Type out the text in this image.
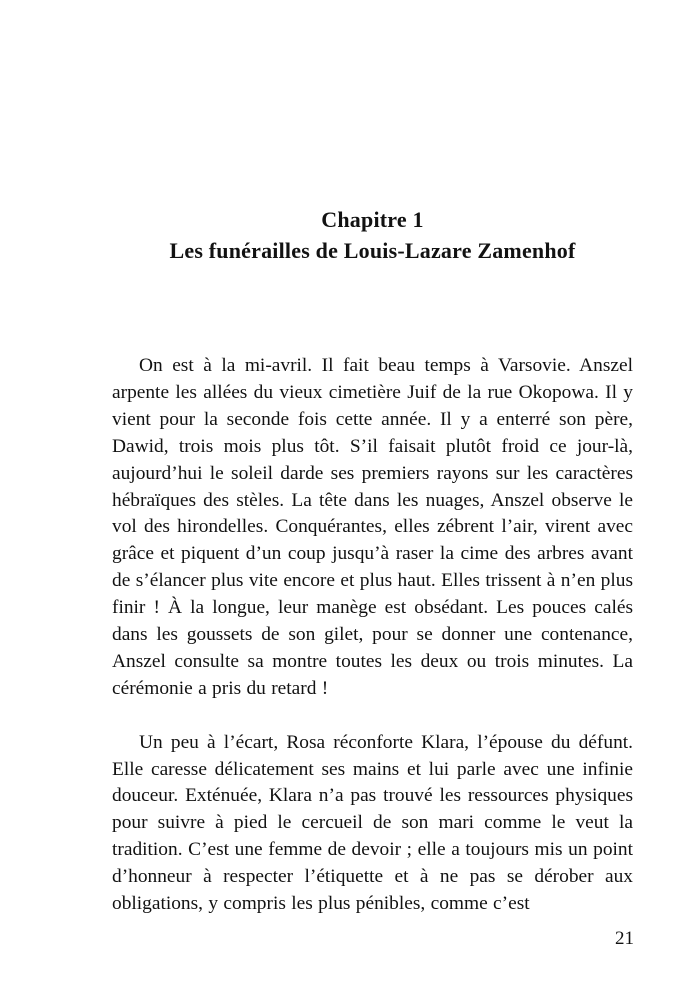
Chapitre 1
Les funérailles de Louis-Lazare Zamenhof

On est à la mi-avril. Il fait beau temps à Varsovie. Anszel arpente les allées du vieux cimetière Juif de la rue Okopowa. Il y vient pour la seconde fois cette année. Il y a enterré son père, Dawid, trois mois plus tôt. S’il faisait plutôt froid ce jour-là, aujourd’hui le soleil darde ses premiers rayons sur les caractères hébraïques des stèles. La tête dans les nuages, Anszel observe le vol des hirondelles. Conquérantes, elles zébrent l’air, virent avec grâce et piquent d’un coup jusqu’à raser la cime des arbres avant de s’élancer plus vite encore et plus haut. Elles trissent à n’en plus finir ! À la longue, leur manège est obsédant. Les pouces calés dans les goussets de son gilet, pour se donner une contenance, Anszel consulte sa montre toutes les deux ou trois minutes. La cérémonie a pris du retard !

Un peu à l’écart, Rosa réconforte Klara, l’épouse du défunt. Elle caresse délicatement ses mains et lui parle avec une infinie douceur. Exténuée, Klara n’a pas trouvé les ressources physiques pour suivre à pied le cercueil de son mari comme le veut la tradition. C’est une femme de devoir ; elle a toujours mis un point d’honneur à respecter l’étiquette et à ne pas se dérober aux obligations, y compris les plus pénibles, comme c’est

21
